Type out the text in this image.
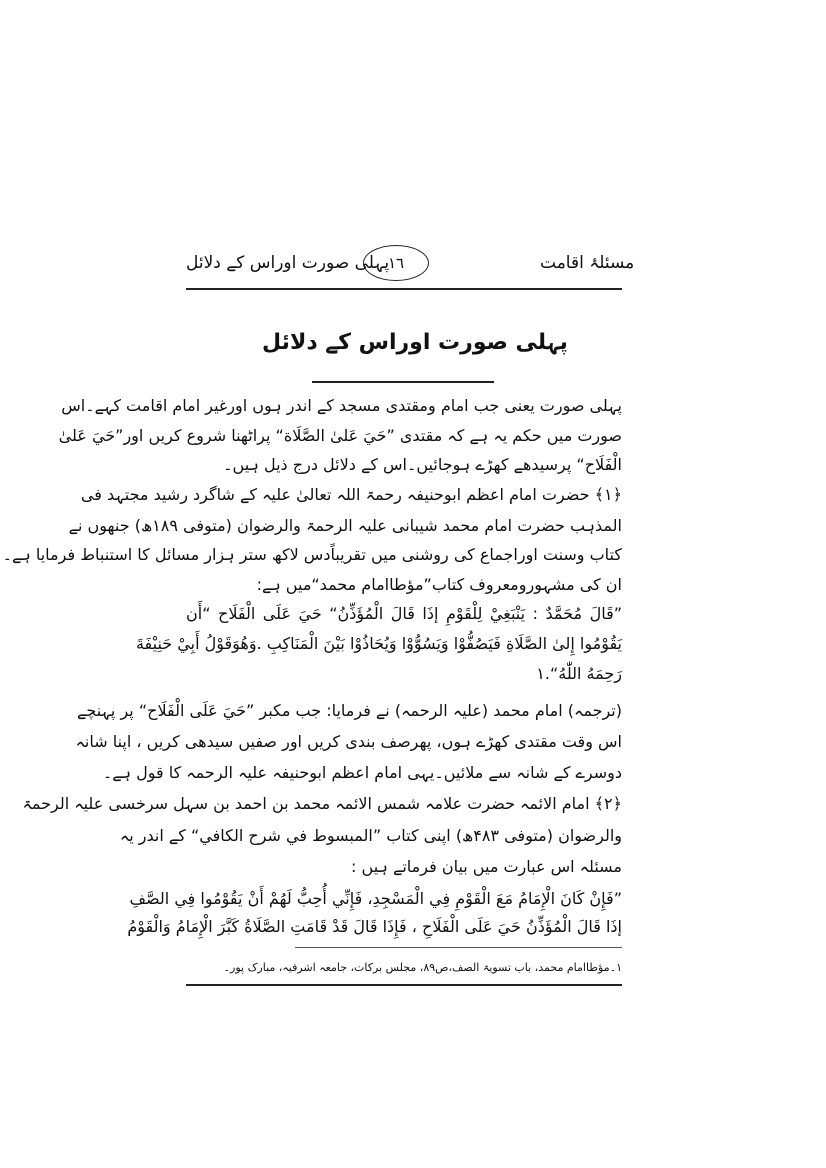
مسئلۂ اقامت
١٦
پہلی صورت اوراس کے دلائل
پہلی صورت اوراس کے دلائل
پہلی صورت یعنی جب امام ومقتدی مسجد کے اندر ہوں اورغیر امام اقامت کہے۔اس
صورت میں حکم یہ ہے کہ مقتدی ”حَيَ عَلىٰ الصَّلَاة“ پراٹھنا شروع کریں اور”حَيَ عَلىٰ
الْفَلَاح“ پرسیدھے کھڑے ہوجائیں۔اس کے دلائل درج ذیل ہیں۔
﴿۱﴾ حضرت امام اعظم ابوحنیفہ رحمۃ اللہ تعالیٰ علیہ کے شاگرد رشید مجتہد فی
المذہب حضرت امام محمد شیبانی علیہ الرحمۃ والرضوان (متوفی ۱۸۹ھ) جنھوں نے
کتاب وسنت اوراجماع کی روشنی میں تقریباًدس لاکھ ستر ہزار مسائل کا استنباط فرمایا ہے۔
ان کی مشہورومعروف کتاب”مؤطاامام محمد“میں ہے:
”قَالَ مُحَمَّدٌ : يَنْبَغِيْ لِلْقَوْمِ إذَا قَالَ الْمُؤَذِّنُ“ حَيَ عَلَى الْفَلَاح “أَن
يَقُوْمُوا إِلىٰ الصَّلَاةِ فَيَصُفُّوْا وَيَسُوُّوْا وَيُحَاذُوْا بَيْنَ الْمَنَاكِبِ .وَهُوَقَوْلُ أَبِيْ حَنِيْفَةَ
رَحِمَهُ اللّٰهُ“.۱
(ترجمہ) امام محمد (علیہ الرحمہ) نے فرمایا: جب مکبر ”حَيَ عَلَى الْفَلَاح“ پر پہنچے
اس وقت مقتدی کھڑے ہوں، پھرصف بندی کریں اور صفیں سیدھی کریں ، اپنا شانہ
دوسرے کے شانہ سے ملائیں۔یہی امام اعظم ابوحنیفہ علیہ الرحمہ کا قول ہے۔
﴿۲﴾ امام الائمہ حضرت علامہ شمس الائمہ محمد بن احمد بن سہل سرخسی علیہ الرحمۃ
والرضوان (متوفی ۴۸۳ھ) اپنی کتاب ”المبسوط في شرح الكافي“ کے اندر یہ
مسئلہ اس عبارت میں بیان فرماتے ہیں :
”فَإِنْ كَانَ الْإِمَامُ مَعَ الْقَوْمِ فِي الْمَسْجِدِ، فَإِنِّي أُحِبُّ لَهُمْ أَنْ يَقُوْمُوا فِي الصَّفِ
إذَا قَالَ الْمُؤَذِّنُ حَيَ عَلَى الْفَلَاحِ ، فَإِذَا قَالَ قَدْ قَامَتِ الصَّلَاةُ كَبَّرَ الْإِمَامُ وَالْقَوْمُ
۱۔مؤطاامام محمد، باب تسویۃ الصف،ص۸۹، مجلس برکات، جامعہ اشرفیہ، مبارک پور۔
